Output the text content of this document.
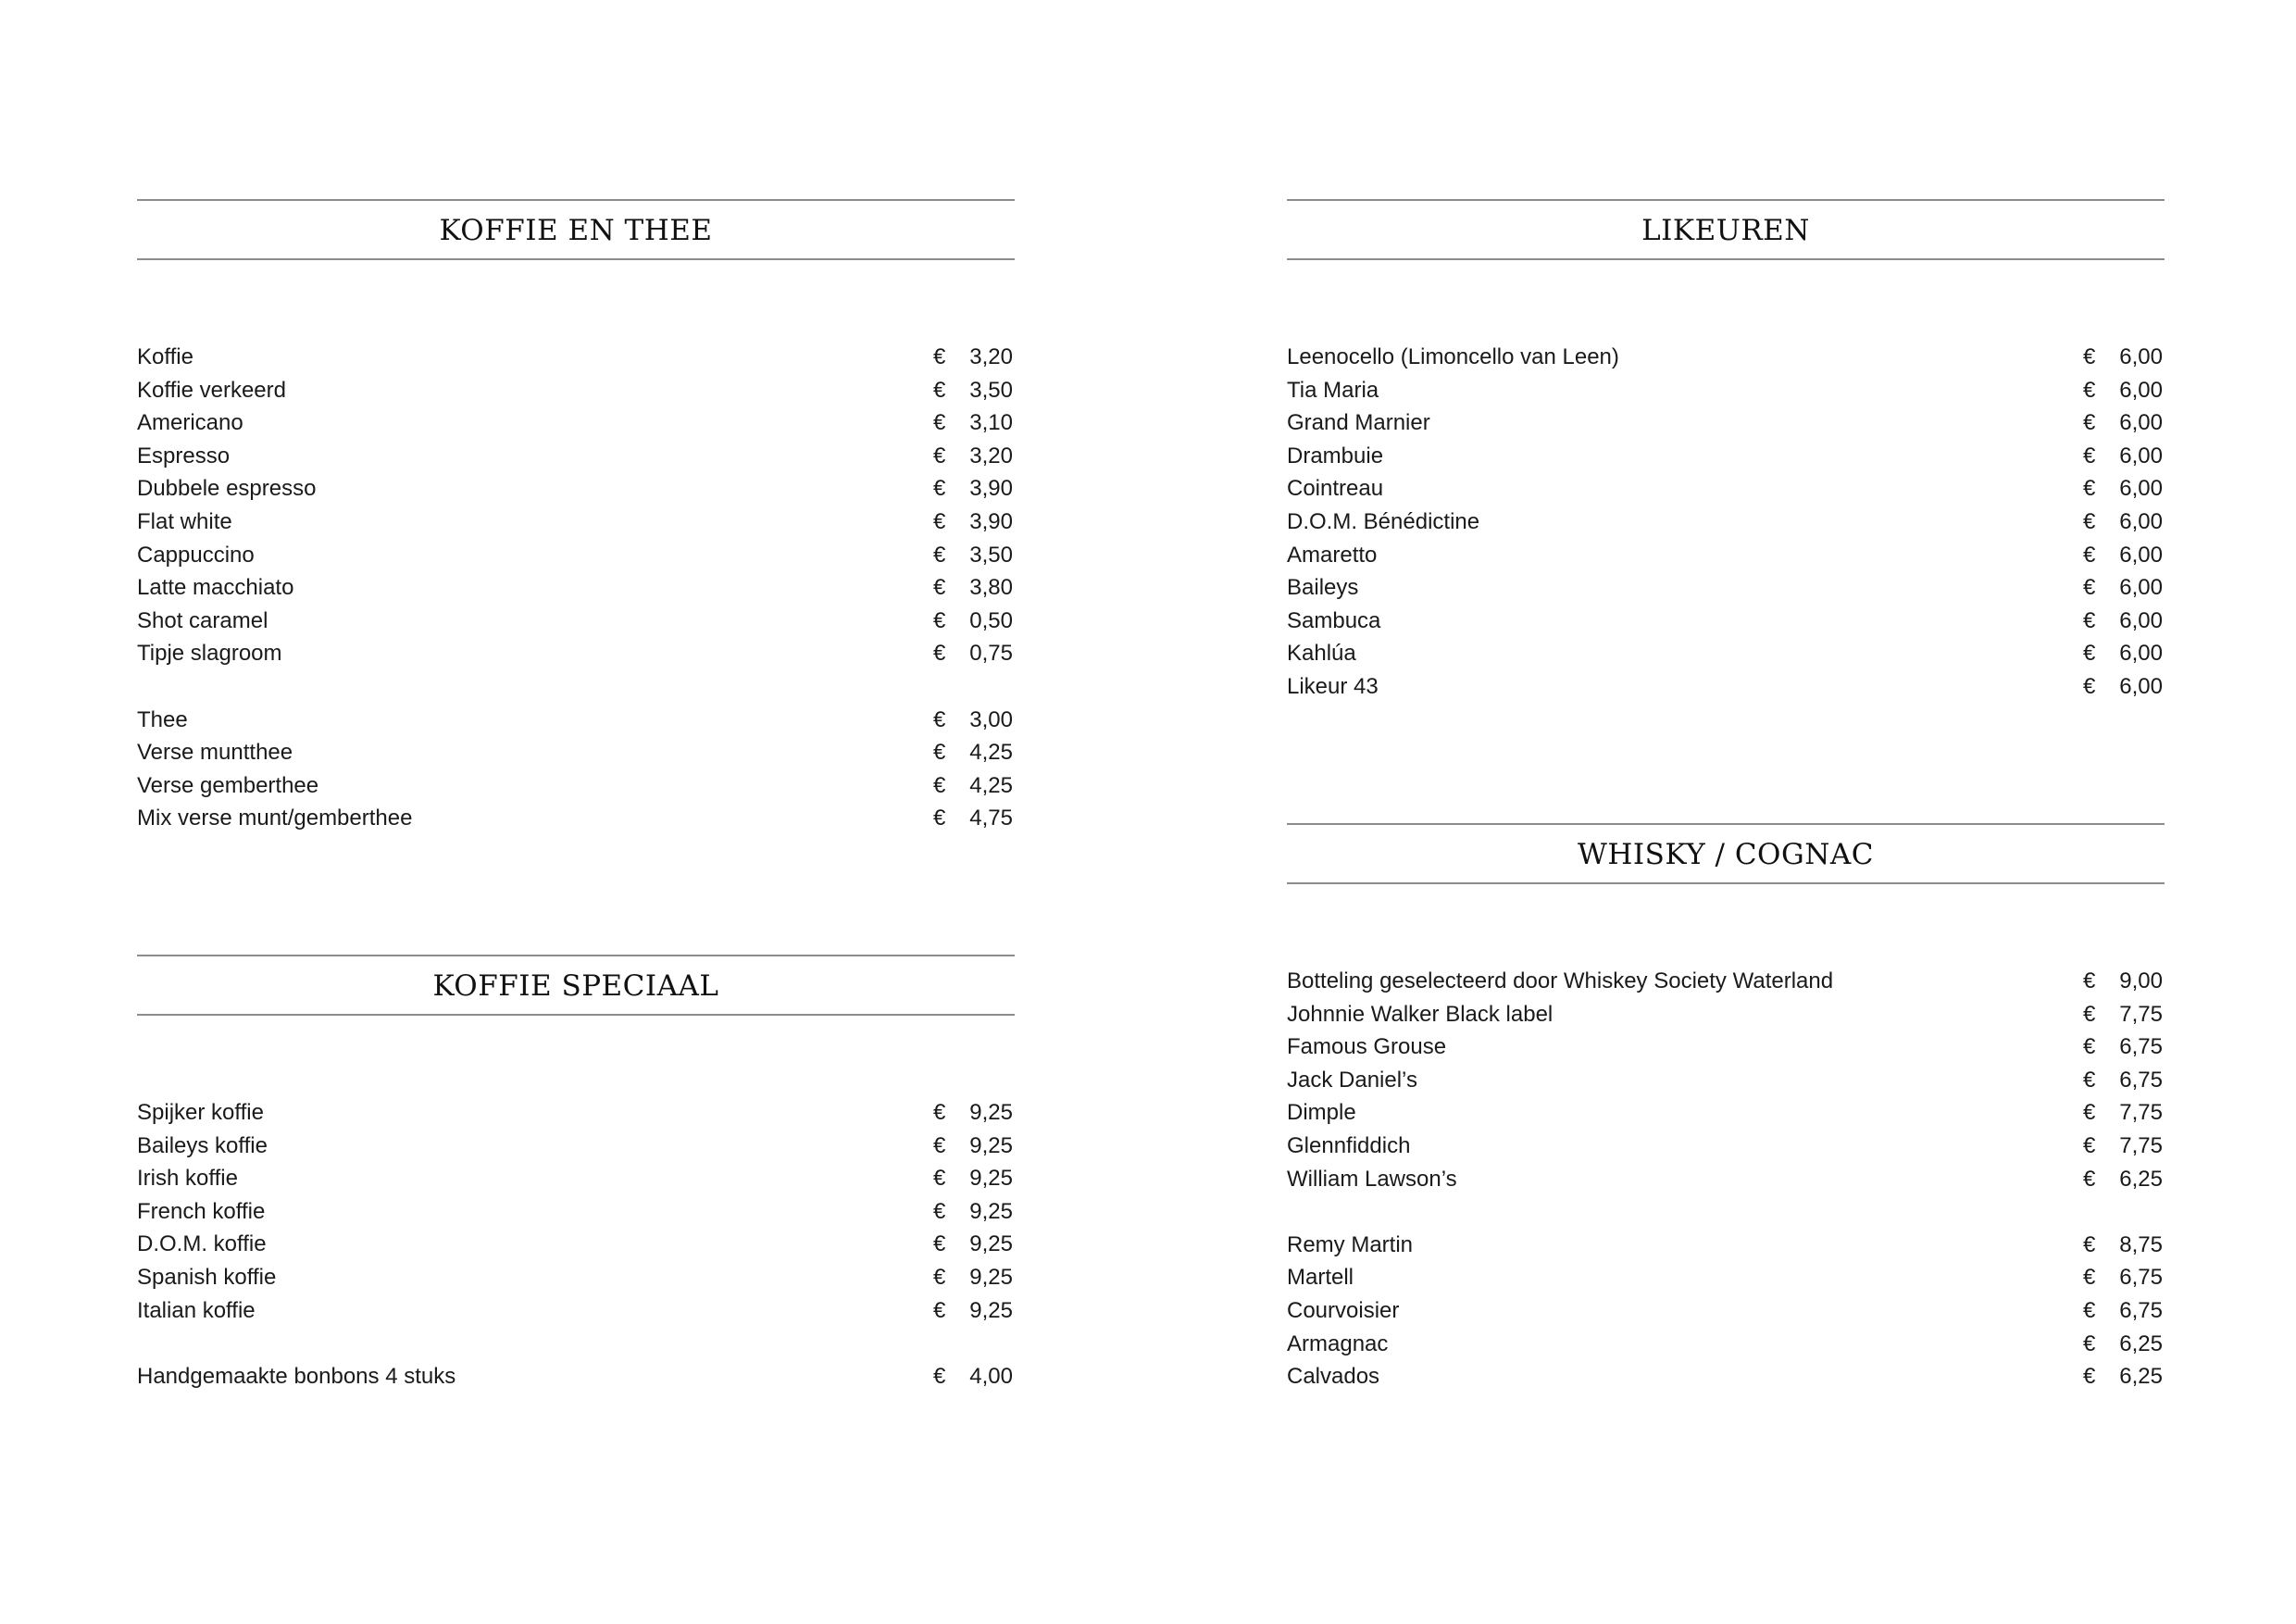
KOFFIE EN THEE
Koffie	€ 3,20
Koffie verkeerd	€ 3,50
Americano	€ 3,10
Espresso	€ 3,20
Dubbele espresso	€ 3,90
Flat white	€ 3,90
Cappuccino	€ 3,50
Latte macchiato	€ 3,80
Shot caramel	€ 0,50
Tipje slagroom	€ 0,75
Thee	€ 3,00
Verse muntthee	€ 4,25
Verse gemberthee	€ 4,25
Mix verse munt/gemberthee	€ 4,75
KOFFIE SPECIAAL
Spijker koffie	€ 9,25
Baileys koffie	€ 9,25
Irish koffie	€ 9,25
French koffie	€ 9,25
D.O.M. koffie	€ 9,25
Spanish koffie	€ 9,25
Italian koffie	€ 9,25
Handgemaakte bonbons 4 stuks	€ 4,00
LIKEUREN
Leenocello (Limoncello van Leen)	€ 6,00
Tia Maria	€ 6,00
Grand Marnier	€ 6,00
Drambuie	€ 6,00
Cointreau	€ 6,00
D.O.M. Bénédictine	€ 6,00
Amaretto	€ 6,00
Baileys	€ 6,00
Sambuca	€ 6,00
Kahlúa	€ 6,00
Likeur 43	€ 6,00
WHISKY / COGNAC
Botteling geselecteerd door Whiskey Society Waterland	€ 9,00
Johnnie Walker Black label	€ 7,75
Famous Grouse	€ 6,75
Jack Daniel’s	€ 6,75
Dimple	€ 7,75
Glennfiddich	€ 7,75
William Lawson’s	€ 6,25
Remy Martin	€ 8,75
Martell	€ 6,75
Courvoisier	€ 6,75
Armagnac	€ 6,25
Calvados	€ 6,25
